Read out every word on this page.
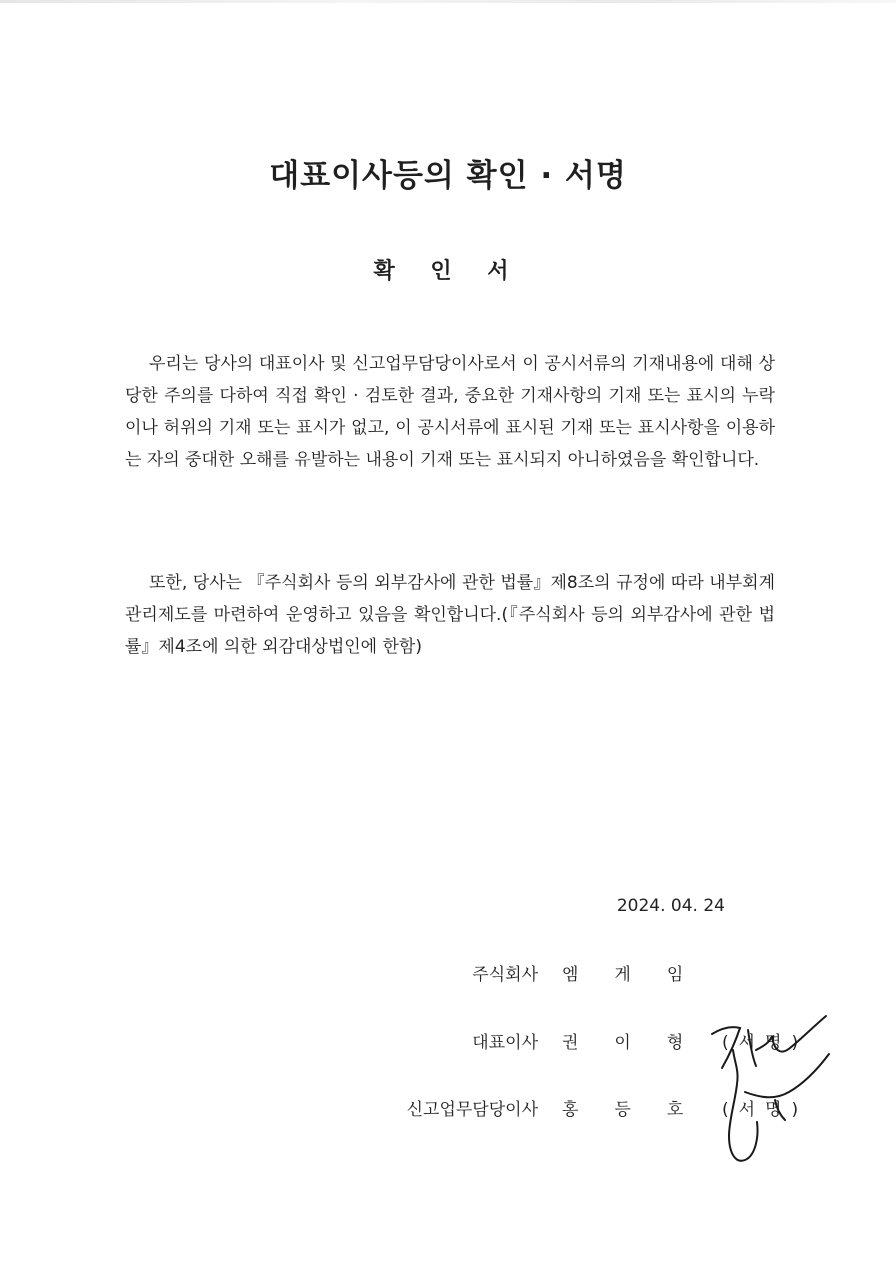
대표이사등의 확인 · 서명
확 인 서

우리는 당사의 대표이사 및 신고업무담당이사로서 이 공시서류의 기재내용에 대해 상당한 주의를 다하여 직접 확인 · 검토한 결과, 중요한 기재사항의 기재 또는 표시의 누락이나 허위의 기재 또는 표시가 없고, 이 공시서류에 표시된 기재 또는 표시사항을 이용하는 자의 중대한 오해를 유발하는 내용이 기재 또는 표시되지 아니하였음을 확인합니다.

또한, 당사는 『주식회사 등의 외부감사에 관한 법률』제8조의 규정에 따라 내부회계관리제도를 마련하여 운영하고 있음을 확인합니다.(『주식회사 등의 외부감사에 관한 법률』제4조에 의한 외감대상법인에 한함)

2024. 04. 24
주식회사 엠게임
대표이사 권이형 (서명)
신고업무담당이사 홍등호 (서명)
